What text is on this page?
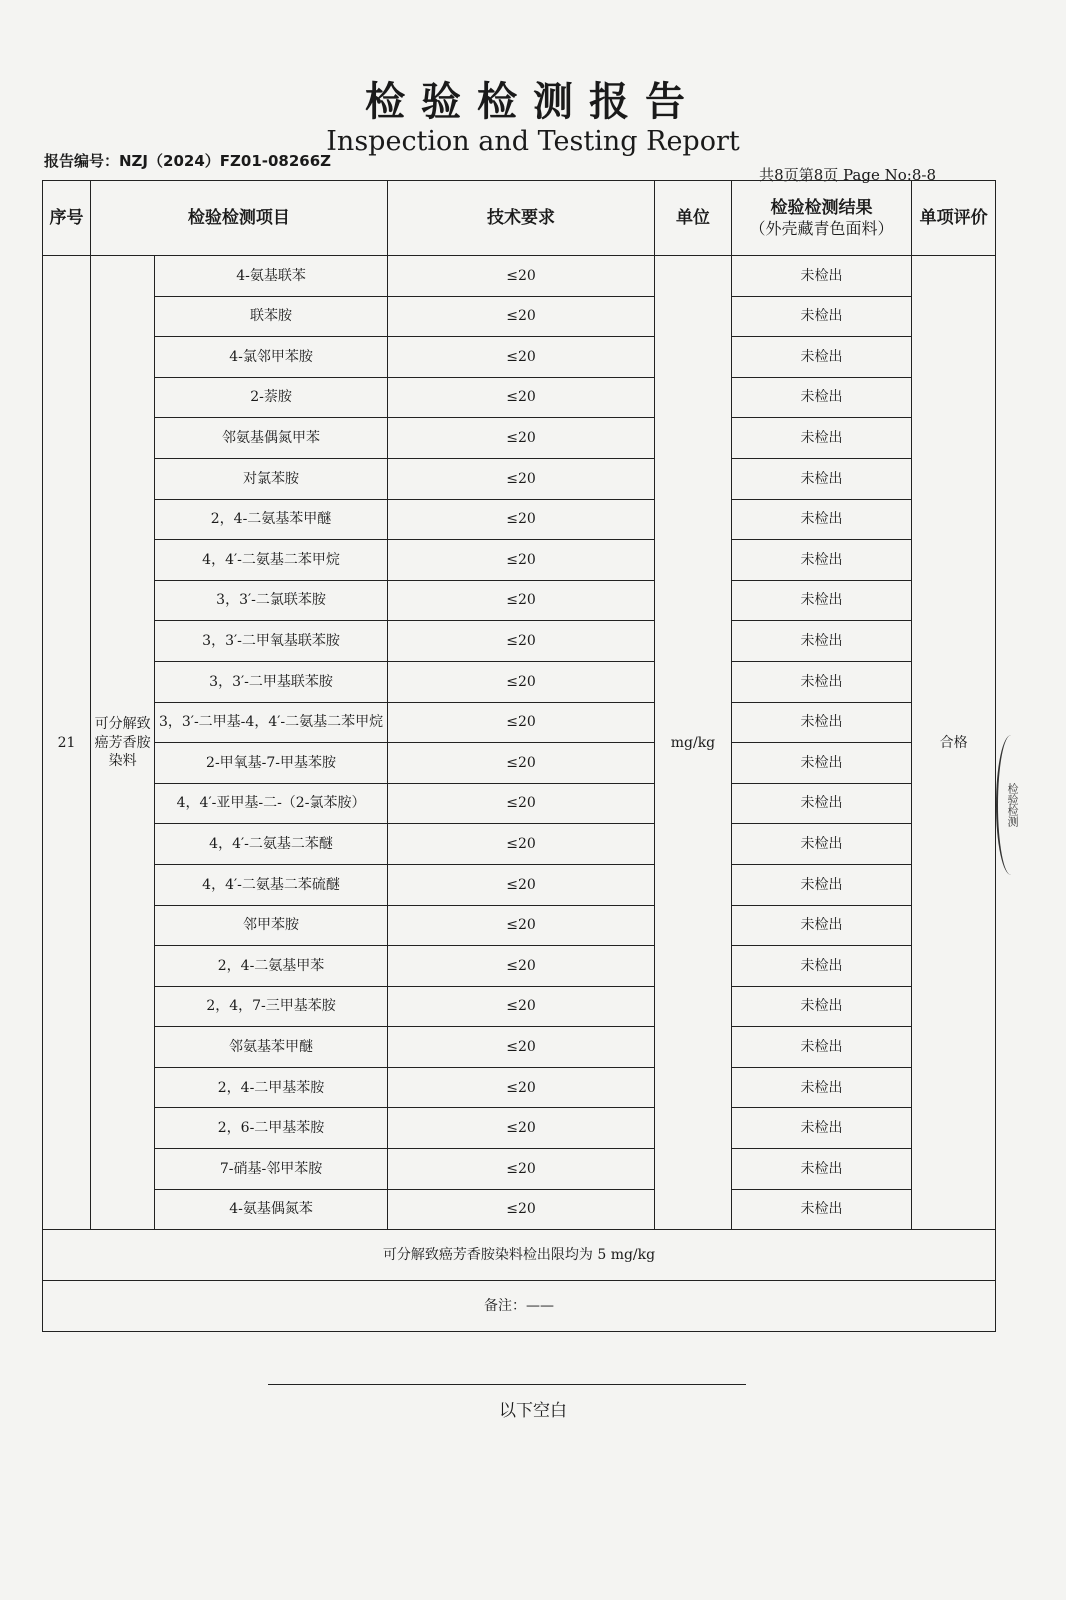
检验检测报告
Inspection and Testing Report
报告编号：NZJ（2024）FZ01-08266Z
共8页第8页 Page No:8-8
序号	检验检测项目		技术要求	单位	检验检测结果
（外壳藏青色面料）	单项评价
21	可分解致癌芳香胺染料	4-氨基联苯	≤20	mg/kg	未检出	合格
		联苯胺	≤20		未检出	
		4-氯邻甲苯胺	≤20		未检出	
		2-萘胺	≤20		未检出	
		邻氨基偶氮甲苯	≤20		未检出	
		对氯苯胺	≤20		未检出	
		2，4-二氨基苯甲醚	≤20		未检出	
		4，4′-二氨基二苯甲烷	≤20		未检出	
		3，3′-二氯联苯胺	≤20		未检出	
		3，3′-二甲氧基联苯胺	≤20		未检出	
		3，3′-二甲基联苯胺	≤20		未检出	
		3，3′-二甲基-4，4′-二氨基二苯甲烷	≤20		未检出	
		2-甲氧基-7-甲基苯胺	≤20		未检出	
		4，4′-亚甲基-二-（2-氯苯胺）	≤20		未检出	
		4，4′-二氨基二苯醚	≤20		未检出	
		4，4′-二氨基二苯硫醚	≤20		未检出	
		邻甲苯胺	≤20		未检出	
		2，4-二氨基甲苯	≤20		未检出	
		2，4，7-三甲基苯胺	≤20		未检出	
		邻氨基苯甲醚	≤20		未检出	
		2，4-二甲基苯胺	≤20		未检出	
		2，6-二甲基苯胺	≤20		未检出	
		7-硝基-邻甲苯胺	≤20		未检出	
		4-氨基偶氮苯	≤20		未检出	
可分解致癌芳香胺染料检出限均为 5 mg/kg						
备注：——						
以下空白
检验检测
